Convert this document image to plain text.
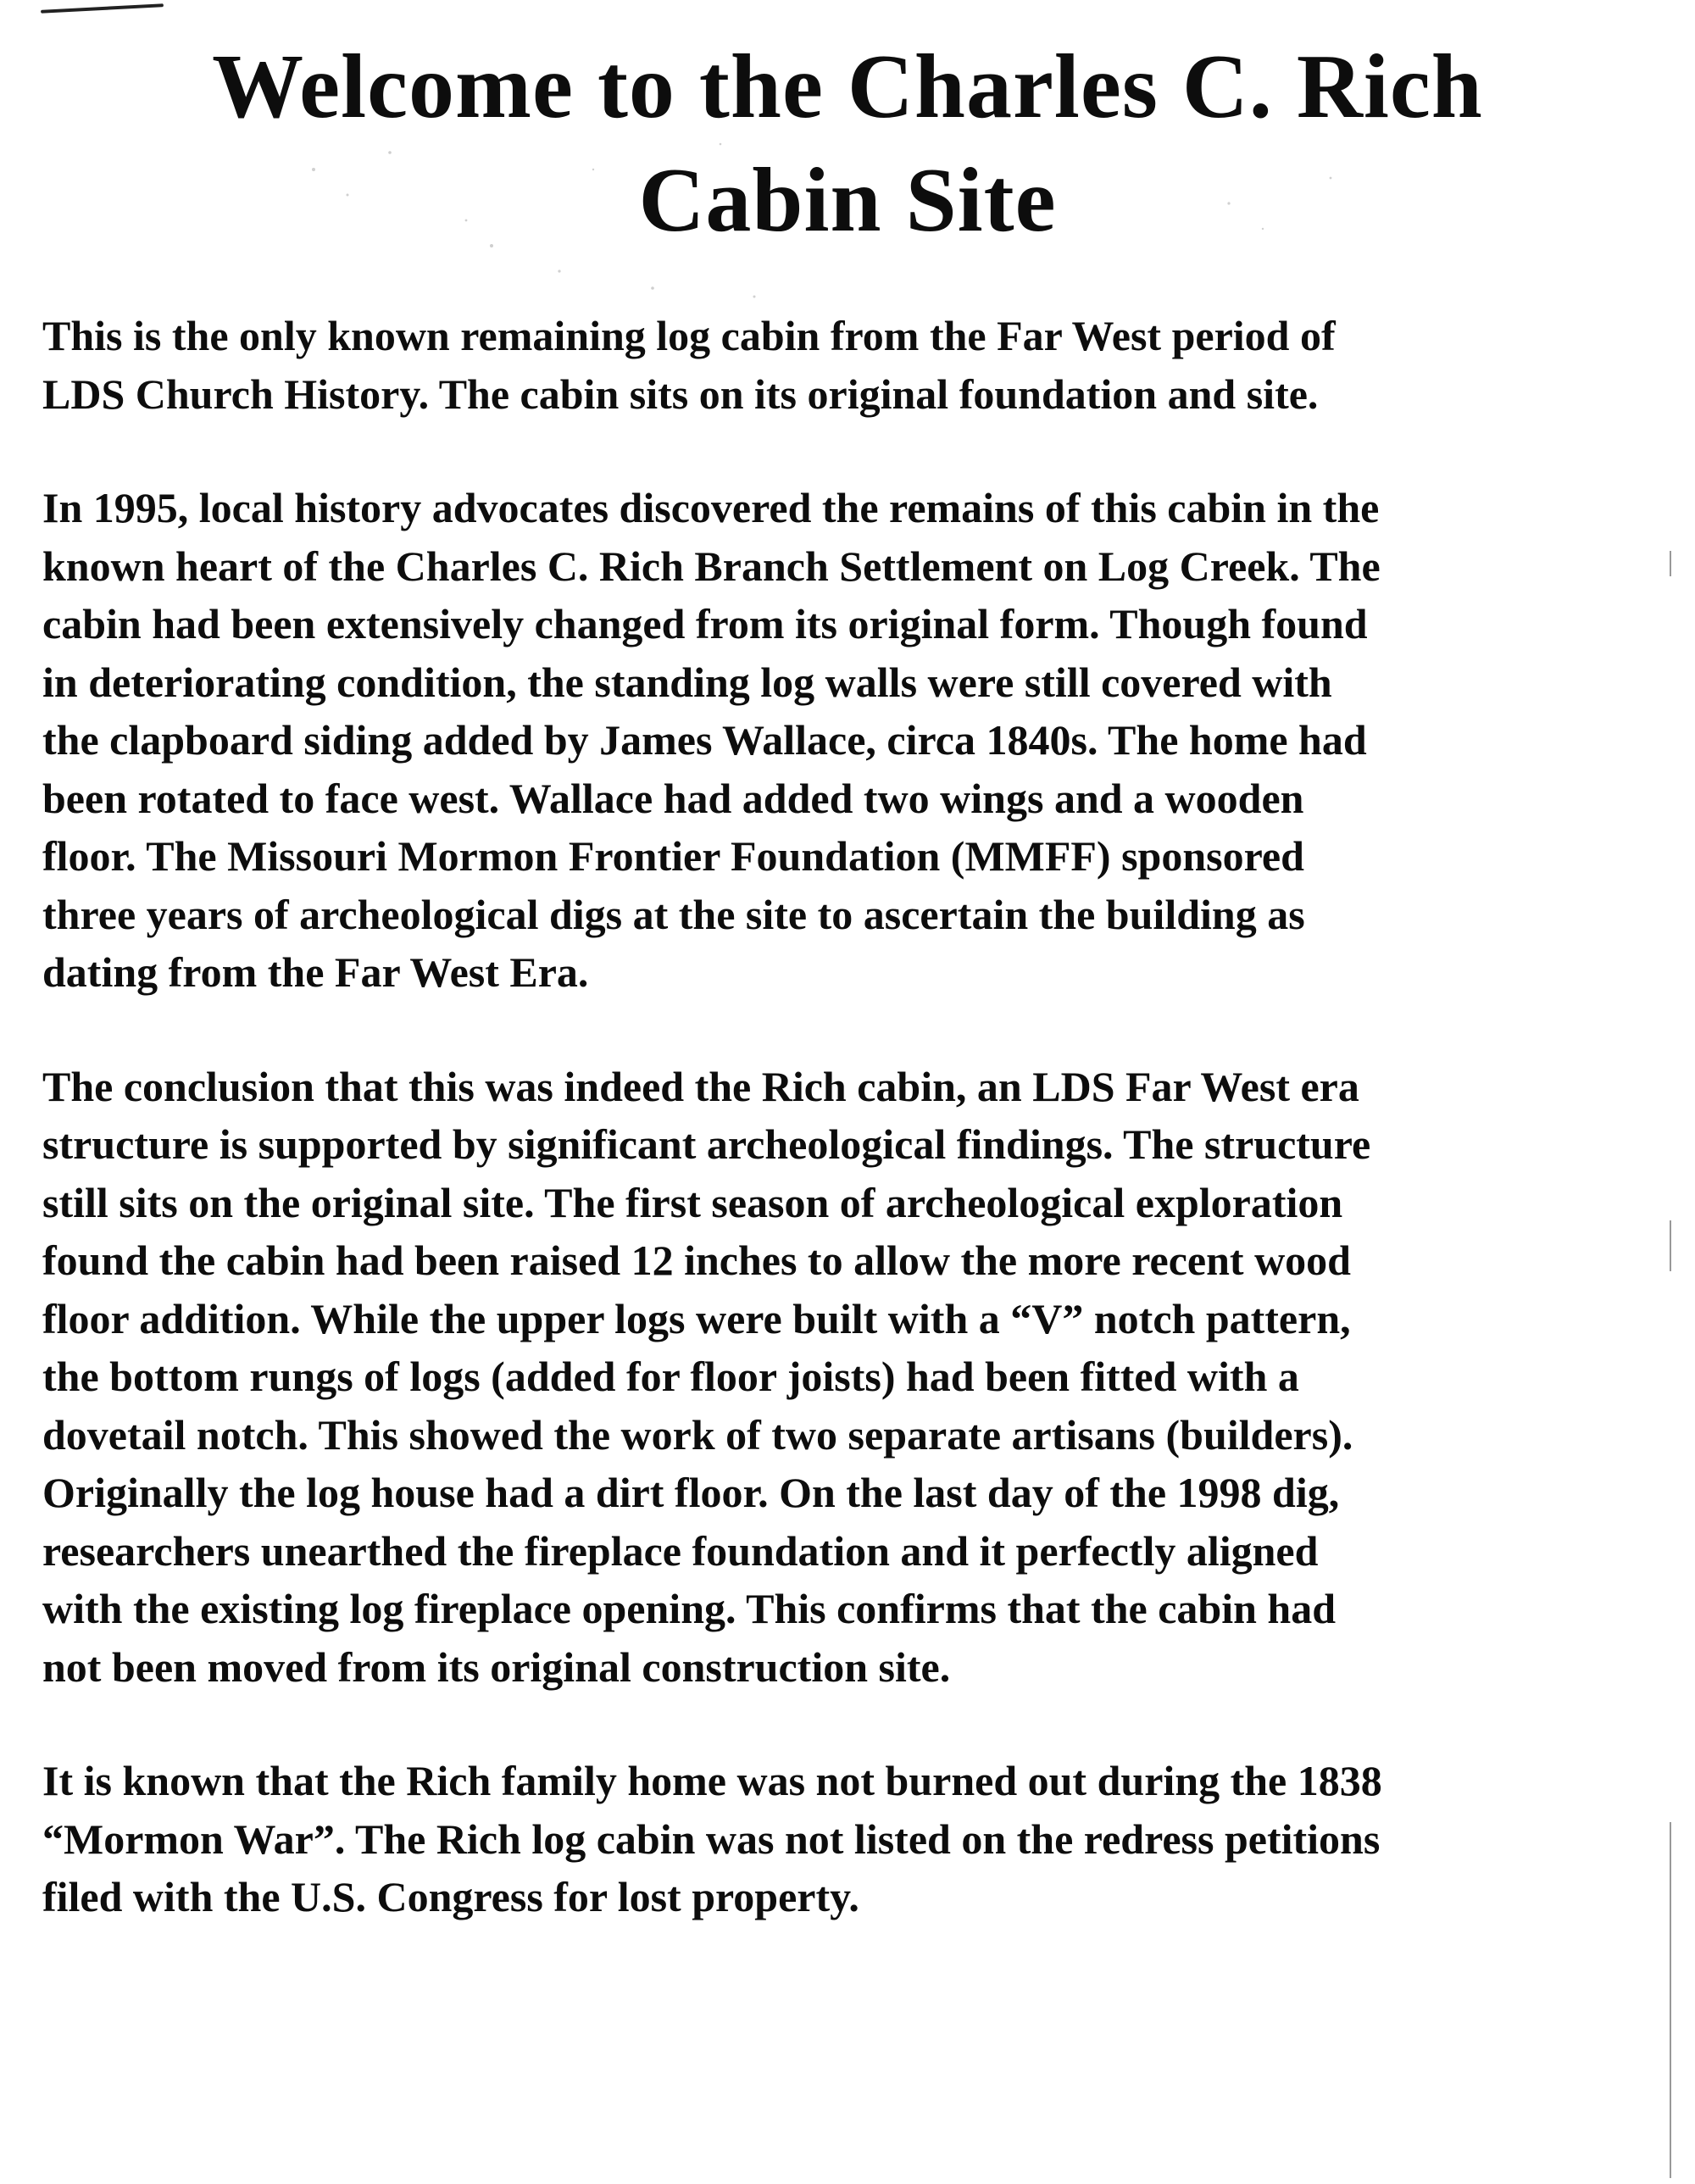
Welcome to the Charles C. Rich
Cabin Site

This is the only known remaining log cabin from the Far West period of
LDS Church History. The cabin sits on its original foundation and site.

In 1995, local history advocates discovered the remains of this cabin in the
known heart of the Charles C. Rich Branch Settlement on Log Creek. The
cabin had been extensively changed from its original form. Though found
in deteriorating condition, the standing log walls were still covered with
the clapboard siding added by James Wallace, circa 1840s. The home had
been rotated to face west. Wallace had added two wings and a wooden
floor. The Missouri Mormon Frontier Foundation (MMFF) sponsored
three years of archeological digs at the site to ascertain the building as
dating from the Far West Era.

The conclusion that this was indeed the Rich cabin, an LDS Far West era
structure is supported by significant archeological findings. The structure
still sits on the original site. The first season of archeological exploration
found the cabin had been raised 12 inches to allow the more recent wood
floor addition. While the upper logs were built with a “V” notch pattern,
the bottom rungs of logs (added for floor joists) had been fitted with a
dovetail notch. This showed the work of two separate artisans (builders).
Originally the log house had a dirt floor. On the last day of the 1998 dig,
researchers unearthed the fireplace foundation and it perfectly aligned
with the existing log fireplace opening. This confirms that the cabin had
not been moved from its original construction site.

It is known that the Rich family home was not burned out during the 1838
“Mormon War”. The Rich log cabin was not listed on the redress petitions
filed with the U.S. Congress for lost property.
